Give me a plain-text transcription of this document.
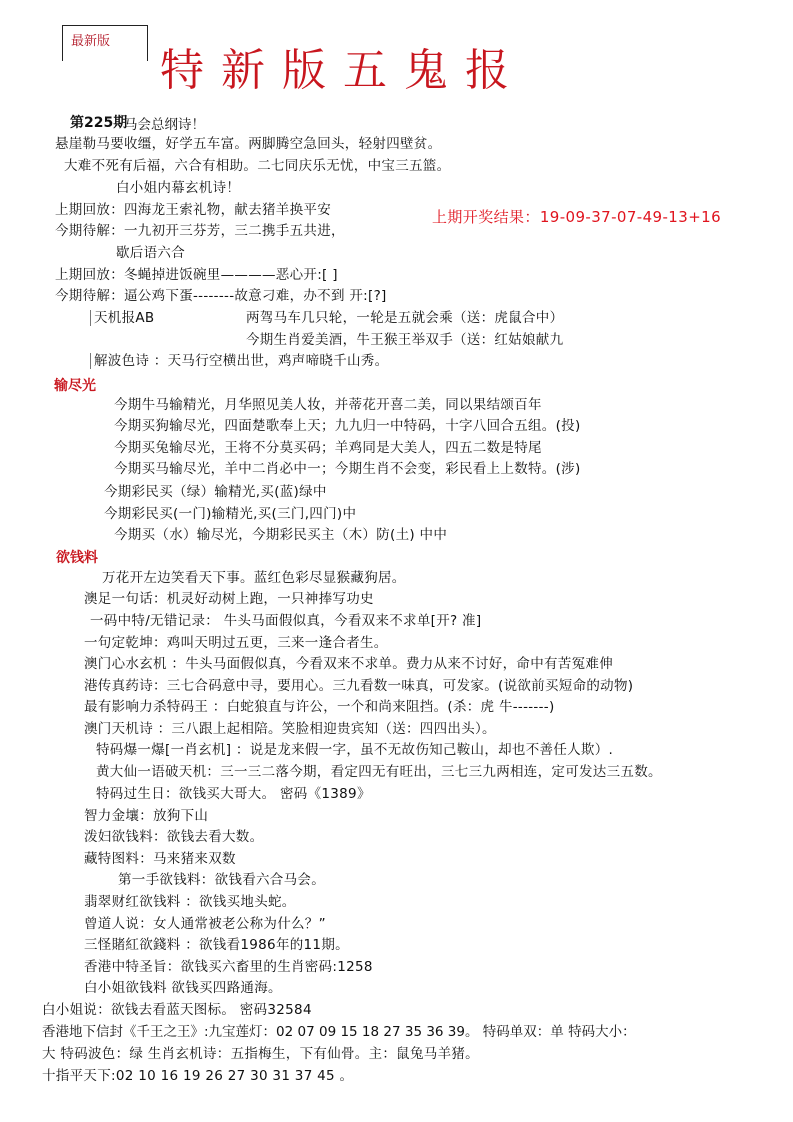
最新版
特新版五鬼报
第225期
马会总纲诗！
悬崖勒马要收缰，好学五车富。两脚腾空急回头，轻射四壁贫。
大难不死有后福，六合有相助。二七同庆乐无忧，中宝三五篮。
白小姐内幕玄机诗！
上期回放：四海龙王索礼物，献去猪羊换平安
今期待解：一九初开三芬芳，三二携手五共进，
上期开奖结果：19-09-37-07-49-13+16
歇后语六合
上期回放：冬蝇掉进饭碗里————恶心开:[ ]
今期待解：逼公鸡下蛋--------故意刁难，办不到 开:[?]
天机报AB	两驾马车几只轮，一轮是五就会乘（送：虎鼠合中）
今期生肖爱美酒，牛王猴王举双手（送：红姑娘献九
解波色诗 ：天马行空横出世，鸡声啼晓千山秀。
输尽光
今期牛马输精光，月华照见美人妆，并蒂花开喜二美，同以果结颂百年
今期买狗输尽光，四面楚歌奉上天；九九归一中特码，十字八回合五组。(投)
今期买兔输尽光，王将不分莫买码；羊鸡同是大美人，四五二数是特尾
今期买马输尽光，羊中二肖必中一；今期生肖不会变，彩民看上上数特。(涉)
今期彩民买（绿）输精光,买(蓝)绿中
今期彩民买(一门)输精光,买(三门,四门)中
今期买（水）输尽光，今期彩民买主（木）防(土) 中中
欲钱料
万花开左边笑看天下事。蓝红色彩尽显猴藏狗居。
澳足一句话：机灵好动树上跑，一只神捧写功史
一码中特/无错记录： 牛头马面假似真，今看双来不求单[开? 准]
一句定乾坤：鸡叫天明过五更，三来一逢合者生。
澳门心水玄机 ：牛头马面假似真，今看双来不求单。费力从来不讨好，命中有苦冤难伸
港传真药诗：三七合码意中寻，要用心。三九看数一味真，可发家。(说欲前买短命的动物)
最有影响力杀特码王 ：白蛇狼直与许公，一个和尚来阻挡。(杀：虎 牛-------)
澳门天机诗 ：三八跟上起相陪。笑脸相迎贵宾知（送：四四出头）。
特码爆一爆[一肖玄机] ：说是龙来假一字，虽不无故伤知己鞍山，却也不善任人欺）.
黄大仙一语破天机：三一三二落今期，看定四无有旺出，三七三九两相连，定可发达三五数。
特码过生日：欲钱买大哥大。 密码《1389》
智力金壤：放狗下山
泼妇欲钱料：欲钱去看大数。
藏特图料：马来猪来双数
第一手欲钱料：欲钱看六合马会。
翡翠财红欲钱料 ：欲钱买地头蛇。
曾道人说：女人通常被老公称为什么？”
三怪賭紅欲錢料 ：欲钱看1986年的11期。
香港中特圣旨：欲钱买六畜里的生肖密码:1258
白小姐欲钱料 欲钱买四路通海。
白小姐说：欲钱去看蓝天图标。 密码32584
香港地下信封《千王之王》:九宝莲灯：02 07 09 15 18 27 35 36 39。 特码单双：单 特码大小：
大 特码波色：绿 生肖玄机诗：五指梅生，下有仙骨。主：鼠兔马羊猪。
十指平天下:02 10 16 19 26 27 30 31 37 45 。
